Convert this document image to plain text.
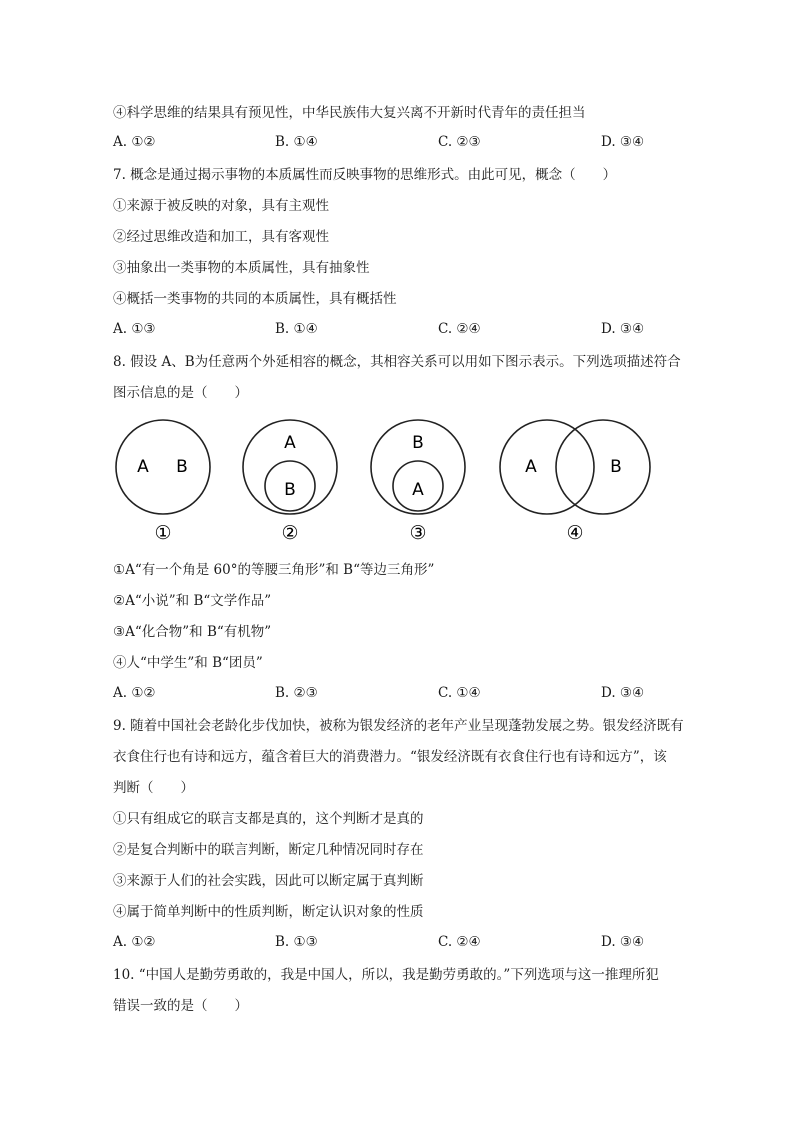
④科学思维的结果具有预见性，中华民族伟大复兴离不开新时代青年的责任担当
A. ①②	B. ①④	C. ②③	D. ③④
7. 概念是通过揭示事物的本质属性而反映事物的思维形式。由此可见，概念（　　）
①来源于被反映的对象，具有主观性
②经过思维改造和加工，具有客观性
③抽象出一类事物的本质属性，具有抽象性
④概括一类事物的共同的本质属性，具有概括性
A. ①③	B. ①④	C. ②④	D. ③④
8. 假设 A、B为任意两个外延相容的概念，其相容关系可以用如下图示表示。下列选项描述符合
图示信息的是（　　）
A B
①
A
B
②
B
A
③
A	B
④
①A“有一个角是 60°的等腰三角形”和 B“等边三角形”
②A“小说”和 B“文学作品”
③A“化合物”和 B“有机物”
④人“中学生”和 B“团员”
A. ①②	B. ②③	C. ①④	D. ③④
9. 随着中国社会老龄化步伐加快，被称为银发经济的老年产业呈现蓬勃发展之势。银发经济既有
衣食住行也有诗和远方，蕴含着巨大的消费潜力。“银发经济既有衣食住行也有诗和远方”，该
判断（　　）
①只有组成它的联言支都是真的，这个判断才是真的
②是复合判断中的联言判断，断定几种情况同时存在
③来源于人们的社会实践，因此可以断定属于真判断
④属于简单判断中的性质判断，断定认识对象的性质
A. ①②	B. ①③	C. ②④	D. ③④
10. “中国人是勤劳勇敢的，我是中国人，所以，我是勤劳勇敢的。”下列选项与这一推理所犯
错误一致的是（　　）
